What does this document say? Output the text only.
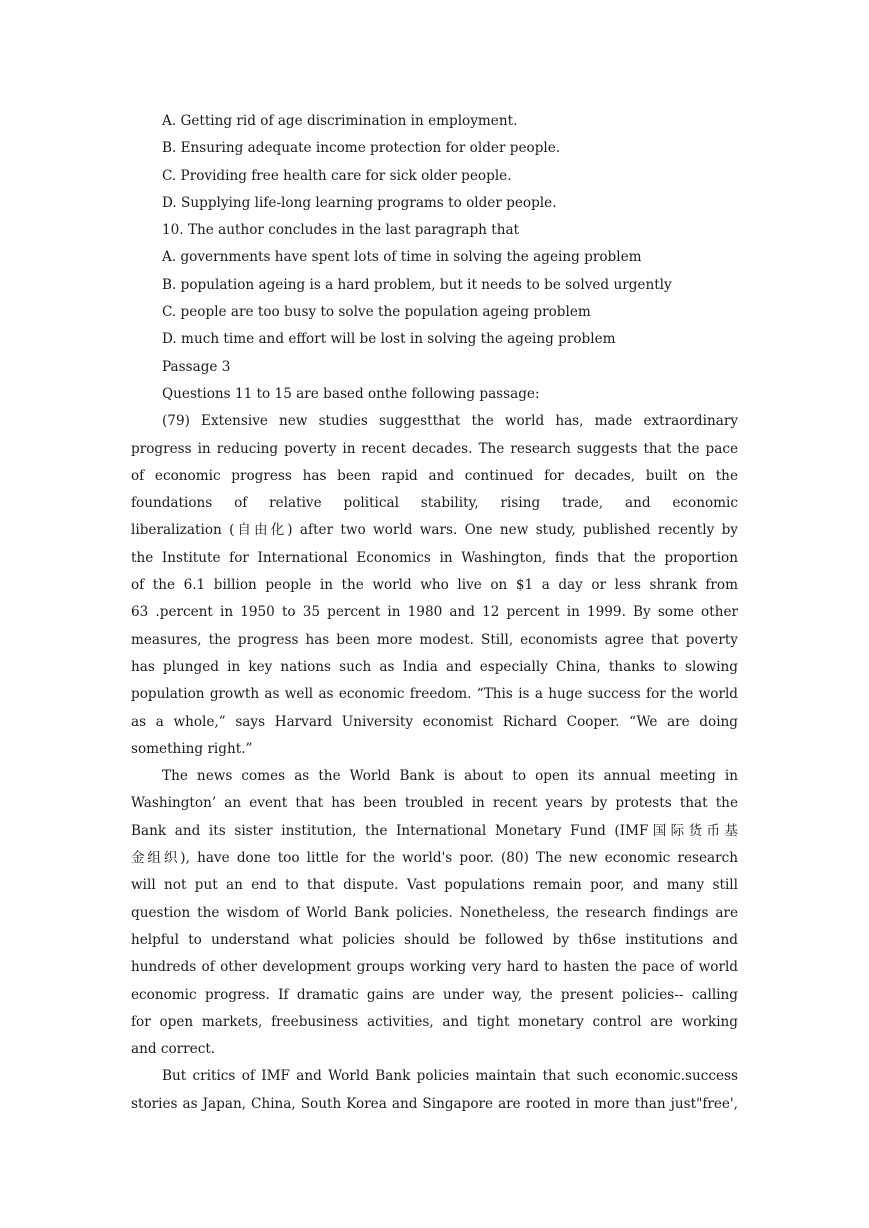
A. Getting rid of age discrimination in employment.
B. Ensuring adequate income protection for older people.
C. Providing free health care for sick older people.
D. Supplying life-long learning programs to older people.
10. The author concludes in the last paragraph that
A. governments have spent lots of time in solving the ageing problem
B. population ageing is a hard problem, but it needs to be solved urgently
C. people are too busy to solve the population ageing problem
D. much time and effort will be lost in solving the ageing problem
Passage 3
Questions 11 to 15 are based onthe following passage:
(79) Extensive new studies suggestthat the world has, made extraordinary
progress in reducing poverty in recent decades. The research suggests that the pace
of economic progress has been rapid and continued for decades, built on the
foundations of relative political stability, rising trade, and economic
liberalization (自由化) after two world wars. One new study, published recently by
the Institute for International Economics in Washington, finds that the proportion
of the 6.1 billion people in the world who live on $1 a day or less shrank from
63 .percent in 1950 to 35 percent in 1980 and 12 percent in 1999. By some other
measures, the progress has been more modest. Still, economists agree that poverty
has plunged in key nations such as India and especially China, thanks to slowing
population growth as well as economic freedom. “This is a huge success for the world
as a whole,” says Harvard University economist Richard Cooper. “We are doing
something right.”
The news comes as the World Bank is about to open its annual meeting in
Washington’ an event that has been troubled in recent years by protests that the
Bank and its sister institution, the International Monetary Fund (IMF国际货币基
金组织), have done too little for the world's poor. (80) The new economic research
will not put an end to that dispute. Vast populations remain poor, and many still
question the wisdom of World Bank policies. Nonetheless, the research findings are
helpful to understand what policies should be followed by th6se institutions and
hundreds of other development groups working very hard to hasten the pace of world
economic progress. If dramatic gains are under way, the present policies-- calling
for open markets, freebusiness activities, and tight monetary control are working
and correct.
But critics of IMF and World Bank policies maintain that such economic.success
stories as Japan, China, South Korea and Singapore are rooted in more than just"free',
